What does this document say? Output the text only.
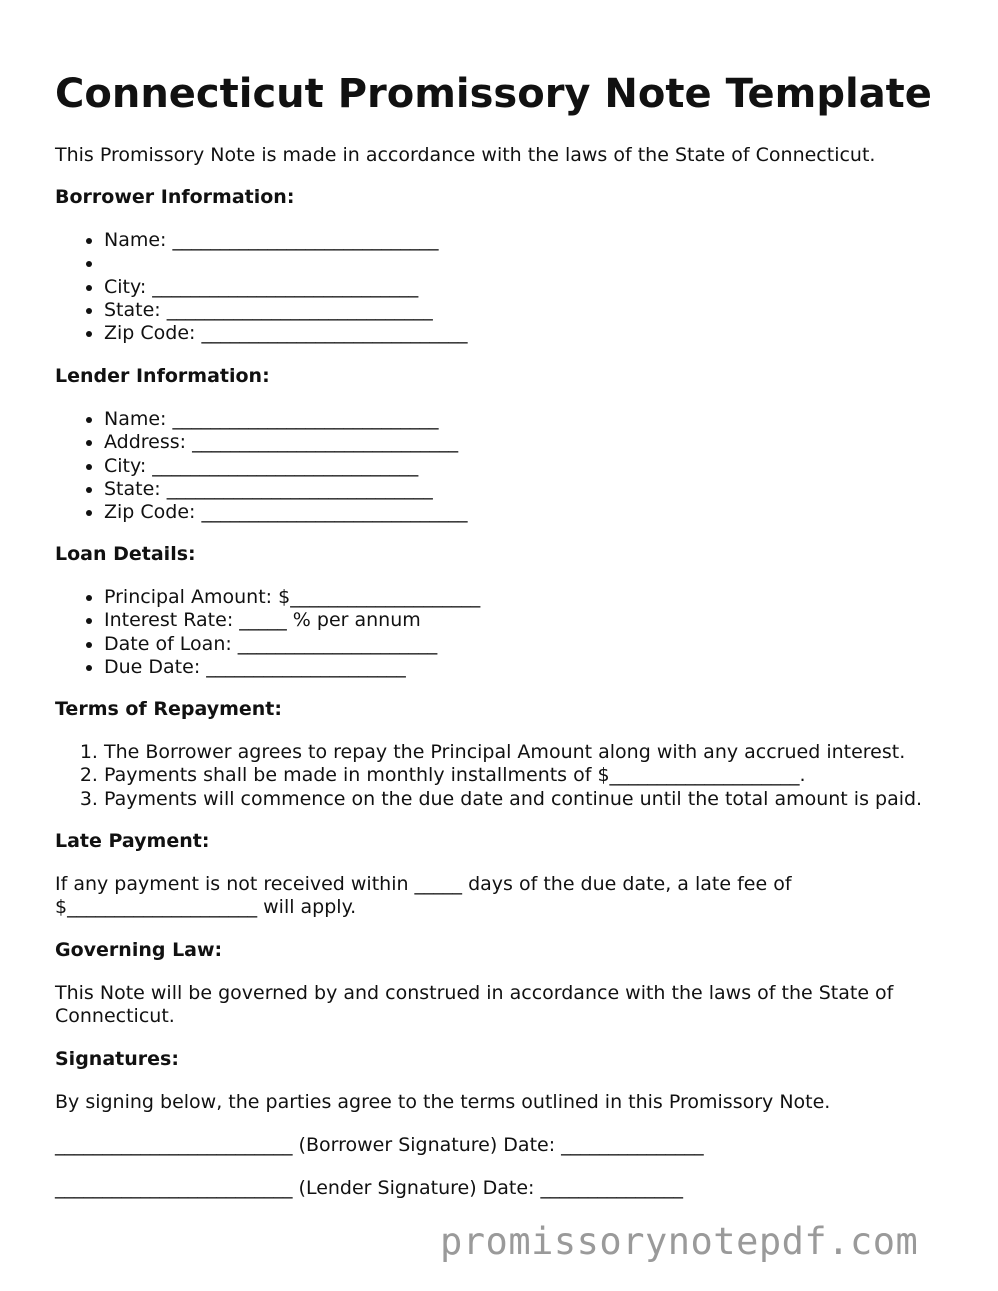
Connecticut Promissory Note Template

This Promissory Note is made in accordance with the laws of the State of Connecticut.

Borrower Information:

• Name: ____________________________
•
• City: ____________________________
• State: ____________________________
• Zip Code: ____________________________

Lender Information:

• Name: ____________________________
• Address: ____________________________
• City: ____________________________
• State: ____________________________
• Zip Code: ____________________________

Loan Details:

• Principal Amount: $____________________
• Interest Rate: _____ % per annum
• Date of Loan: _____________________
• Due Date: _____________________

Terms of Repayment:

1. The Borrower agrees to repay the Principal Amount along with any accrued interest.
2. Payments shall be made in monthly installments of $____________________.
3. Payments will commence on the due date and continue until the total amount is paid.

Late Payment:

If any payment is not received within _____ days of the due date, a late fee of $____________________ will apply.

Governing Law:

This Note will be governed by and construed in accordance with the laws of the State of Connecticut.

Signatures:

By signing below, the parties agree to the terms outlined in this Promissory Note.

_________________________ (Borrower Signature) Date: _______________

_________________________ (Lender Signature) Date: _______________

promissorynotepdf.com
